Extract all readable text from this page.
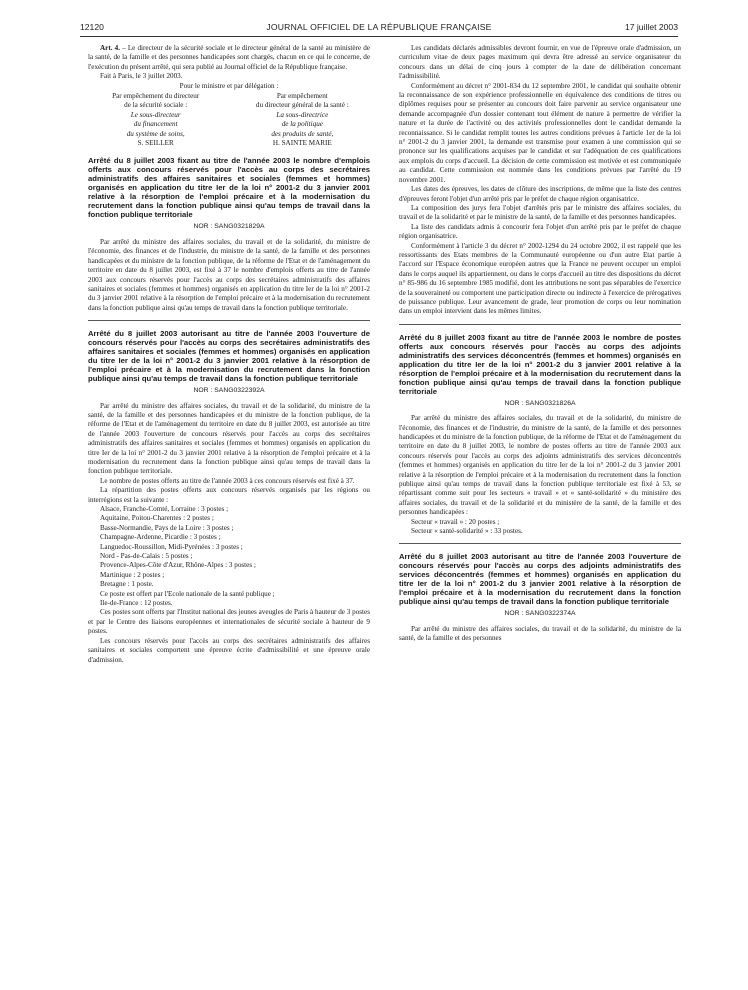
12120	JOURNAL OFFICIEL DE LA RÉPUBLIQUE FRANÇAISE	17 juillet 2003

Art. 4. – Le directeur de la sécurité sociale et le directeur général de la santé au ministère de la santé, de la famille et des personnes handicapées sont chargés, chacun en ce qui le concerne, de l'exécution du présent arrêté, qui sera publié au Journal officiel de la République française.

Fait à Paris, le 3 juillet 2003.

Pour le ministre et par délégation :

Par empêchement du directeur
de la sécurité sociale :
Le sous-directeur
du financement
du système de soins,
S. SEILLER
Par empêchement
du directeur général de la santé :
La sous-directrice
de la politique
des produits de santé,
H. SAINTE MARIE
Arrêté du 8 juillet 2003 fixant au titre de l'année 2003 le nombre d'emplois offerts aux concours réservés pour l'accès au corps des secrétaires administratifs des affaires sanitaires et sociales (femmes et hommes) organisés en application du titre Ier de la loi n° 2001-2 du 3 janvier 2001 relative à la résorption de l'emploi précaire et à la modernisation du recrutement dans la fonction publique ainsi qu'au temps de travail dans la fonction publique territoriale
NOR : SANG0321829A

Par arrêté du ministre des affaires sociales, du travail et de la solidarité, du ministre de l'économie, des finances et de l'industrie, du ministre de la santé, de la famille et des personnes handicapées et du ministre de la fonction publique, de la réforme de l'Etat et de l'aménagement du territoire en date du 8 juillet 2003, est fixé à 37 le nombre d'emplois offerts au titre de l'année 2003 aux concours réservés pour l'accès au corps des secrétaires administratifs des affaires sanitaires et sociales (femmes et hommes) organisés en application du titre Ier de la loi n° 2001-2 du 3 janvier 2001 relative à la résorption de l'emploi précaire et à la modernisation du recrutement dans la fonction publique ainsi qu'au temps de travail dans la fonction publique territoriale.

Arrêté du 8 juillet 2003 autorisant au titre de l'année 2003 l'ouverture de concours réservés pour l'accès au corps des secrétaires administratifs des affaires sanitaires et sociales (femmes et hommes) organisés en application du titre Ier de la loi n° 2001-2 du 3 janvier 2001 relative à la résorption de l'emploi précaire et à la modernisation du recrutement dans la fonction publique ainsi qu'au temps de travail dans la fonction publique territoriale
NOR : SANG0322392A

Par arrêté du ministre des affaires sociales, du travail et de la solidarité, du ministre de la santé, de la famille et des personnes handicapées et du ministre de la fonction publique, de la réforme de l'Etat et de l'aménagement du territoire en date du 8 juillet 2003, est autorisée au titre de l'année 2003 l'ouverture de concours réservés pour l'accès au corps des secrétaires administratifs des affaires sanitaires et sociales (femmes et hommes) organisés en application du titre Ier de la loi n° 2001-2 du 3 janvier 2001 relative à la résorption de l'emploi précaire et à la modernisation du recrutement dans la fonction publique ainsi qu'au temps de travail dans la fonction publique territoriale.

Le nombre de postes offerts au titre de l'année 2003 à ces concours réservés est fixé à 37.

La répartition des postes offerts aux concours réservés organisés par les régions ou interrégions est la suivante :

Alsace, Franche-Comté, Lorraine : 3 postes ;

Aquitaine, Poitou-Charentes : 2 postes ;

Basse-Normandie, Pays de la Loire : 3 postes ;

Champagne-Ardenne, Picardie : 3 postes ;

Languedoc-Roussillon, Midi-Pyrénées : 3 postes ;

Nord - Pas-de-Calais : 5 postes ;

Provence-Alpes-Côte d'Azur, Rhône-Alpes : 3 postes ;

Martinique : 2 postes ;

Bretagne : 1 poste.

Ce poste est offert par l'Ecole nationale de la santé publique ;

Ile-de-France : 12 postes.

Ces postes sont offerts par l'Institut national des jeunes aveugles de Paris à hauteur de 3 postes et par le Centre des liaisons européennes et internationales de sécurité sociale à hauteur de 9 postes.

Les concours réservés pour l'accès au corps des secrétaires administratifs des affaires sanitaires et sociales comportent une épreuve écrite d'admissibilité et une épreuve orale d'admission.

Les candidats déclarés admissibles devront fournir, en vue de l'épreuve orale d'admission, un curriculum vitae de deux pages maximum qui devra être adressé au service organisateur du concours dans un délai de cinq jours à compter de la date de délibération concernant l'admissibilité.

Conformément au décret n° 2001-834 du 12 septembre 2001, le candidat qui souhaite obtenir la reconnaissance de son expérience professionnelle en équivalence des conditions de titres ou diplômes requises pour se présenter au concours doit faire parvenir au service organisateur une demande accompagnée d'un dossier contenant tout élément de nature à permettre de vérifier la nature et la durée de l'activité ou des activités professionnelles dont le candidat demande la reconnaissance. Si le candidat remplit toutes les autres conditions prévues à l'article 1er de la loi n° 2001-2 du 3 janvier 2001, la demande est transmise pour examen à une commission qui se prononce sur les qualifications acquises par le candidat et sur l'adéquation de ces qualifications aux emplois du corps d'accueil. La décision de cette commission est motivée et est communiquée au candidat. Cette commission est nommée dans les conditions prévues par l'arrêté du 19 novembre 2001.

Les dates des épreuves, les dates de clôture des inscriptions, de même que la liste des centres d'épreuves feront l'objet d'un arrêté pris par le préfet de chaque région organisatrice.

La composition des jurys fera l'objet d'arrêtés pris par le ministre des affaires sociales, du travail et de la solidarité et par le ministre de la santé, de la famille et des personnes handicapées.

La liste des candidats admis à concourir fera l'objet d'un arrêté pris par le préfet de chaque région organisatrice.

Conformément à l'article 3 du décret n° 2002-1294 du 24 octobre 2002, il est rappelé que les ressortissants des Etats membres de la Communauté européenne ou d'un autre Etat partie à l'accord sur l'Espace économique européen autres que la France ne peuvent occuper un emploi dans le corps auquel ils appartiennent, ou dans le corps d'accueil au titre des dispositions du décret n° 85-986 du 16 septembre 1985 modifié, dont les attributions ne sont pas séparables de l'exercice de la souveraineté ou comportent une participation directe ou indirecte à l'exercice de prérogatives de puissance publique. Leur avancement de grade, leur promotion de corps ou leur nomination dans un emploi intervient dans les mêmes limites.

Arrêté du 8 juillet 2003 fixant au titre de l'année 2003 le nombre de postes offerts aux concours réservés pour l'accès au corps des adjoints administratifs des services déconcentrés (femmes et hommes) organisés en application du titre Ier de la loi n° 2001-2 du 3 janvier 2001 relative à la résorption de l'emploi précaire et à la modernisation du recrutement dans la fonction publique ainsi qu'au temps de travail dans la fonction publique territoriale
NOR : SANG0321826A

Par arrêté du ministre des affaires sociales, du travail et de la solidarité, du ministre de l'économie, des finances et de l'industrie, du ministre de la santé, de la famille et des personnes handicapées et du ministre de la fonction publique, de la réforme de l'Etat et de l'aménagement du territoire en date du 8 juillet 2003, le nombre de postes offerts au titre de l'année 2003 aux concours réservés pour l'accès au corps des adjoints administratifs des services déconcentrés (femmes et hommes) organisés en application du titre Ier de la loi n° 2001-2 du 3 janvier 2001 relative à la résorption de l'emploi précaire et à la modernisation du recrutement dans la fonction publique ainsi qu'au temps de travail dans la fonction publique territoriale est fixé à 53, se répartissant comme suit pour les secteurs « travail » et « santé-solidarité » du ministère des affaires sociales, du travail et de la solidarité et du ministère de la santé, de la famille et des personnes handicapées :

Secteur « travail » : 20 postes ;

Secteur « santé-solidarité » : 33 postes.

Arrêté du 8 juillet 2003 autorisant au titre de l'année 2003 l'ouverture de concours réservés pour l'accès au corps des adjoints administratifs des services déconcentrés (femmes et hommes) organisés en application du titre Ier de la loi n° 2001-2 du 3 janvier 2001 relative à la résorption de l'emploi précaire et à la modernisation du recrutement dans la fonction publique ainsi qu'au temps de travail dans la fonction publique territoriale
NOR : SANG0322374A

Par arrêté du ministre des affaires sociales, du travail et de la solidarité, du ministre de la santé, de la famille et des personnes
